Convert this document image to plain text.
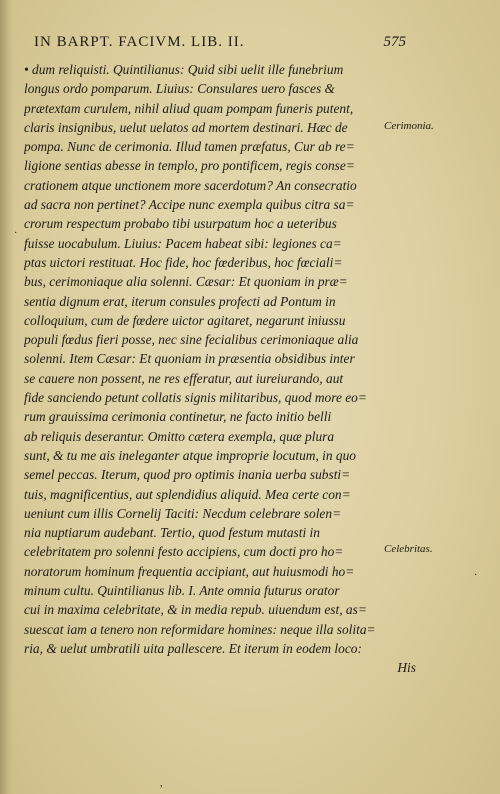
IN BARPT. FACIVM. LIB. II.	575
• dum reliquisti. Quintilianus: Quid sibi uelit ille funebrium
longus ordo pomparum. Liuius: Consulares uero fasces &
prætextam curulem, nihil aliud quam pompam funeris putent,
claris insignibus, uelut uelatos ad mortem destinari. Hæc de
pompa. Nunc de cerimonia. Illud tamen præfatus, Cur ab re=
ligione sentias abesse in templo, pro pontificem, regis conse=
crationem atque unctionem more sacerdotum? An consecratio
ad sacra non pertinet? Accipe nunc exempla quibus citra sa=
crorum respectum probabo tibi usurpatum hoc a ueteribus
fuisse uocabulum. Liuius: Pacem habeat sibi: legiones ca=
ptas uictori restituat. Hoc fide, hoc fœderibus, hoc fœciali=
bus, cerimoniaque alia solenni. Cæsar: Et quoniam in præ=
sentia dignum erat, iterum consules profecti ad Pontum in
colloquium, cum de fœdere uictor agitaret, negarunt iniussu
populi fœdus fieri posse, nec sine fecialibus cerimoniaque alia
solenni. Item Cæsar: Et quoniam in præsentia obsidibus inter
se cauere non possent, ne res efferatur, aut iureiurando, aut
fide sanciendo petunt collatis signis militaribus, quod more eo=
rum grauissima cerimonia continetur, ne facto initio belli
ab reliquis deserantur. Omitto cætera exempla, quæ plura
sunt, & tu me ais ineleganter atque improprie locutum, in quo
semel peccas. Iterum, quod pro optimis inania uerba substi=
tuis, magnificentius, aut splendidius aliquid. Mea certe con=
ueniunt cum illis Cornelij Taciti: Necdum celebrare solen=
nia nuptiarum audebant. Tertio, quod festum mutasti in
celebritatem pro solenni festo accipiens, cum docti pro ho=
noratorum hominum frequentia accipiant, aut huiusmodi ho=
minum cultu. Quintilianus lib. I. Ante omnia futurus orator
cui in maxima celebritate, & in media repub. uiuendum est, as=
suescat iam a tenero non reformidare homines: neque illa solita=
ria, & uelut umbratili uita pallescere. Et iterum in eodem loco:
Cerimonia.
Celebritas.
·
·
,
His
